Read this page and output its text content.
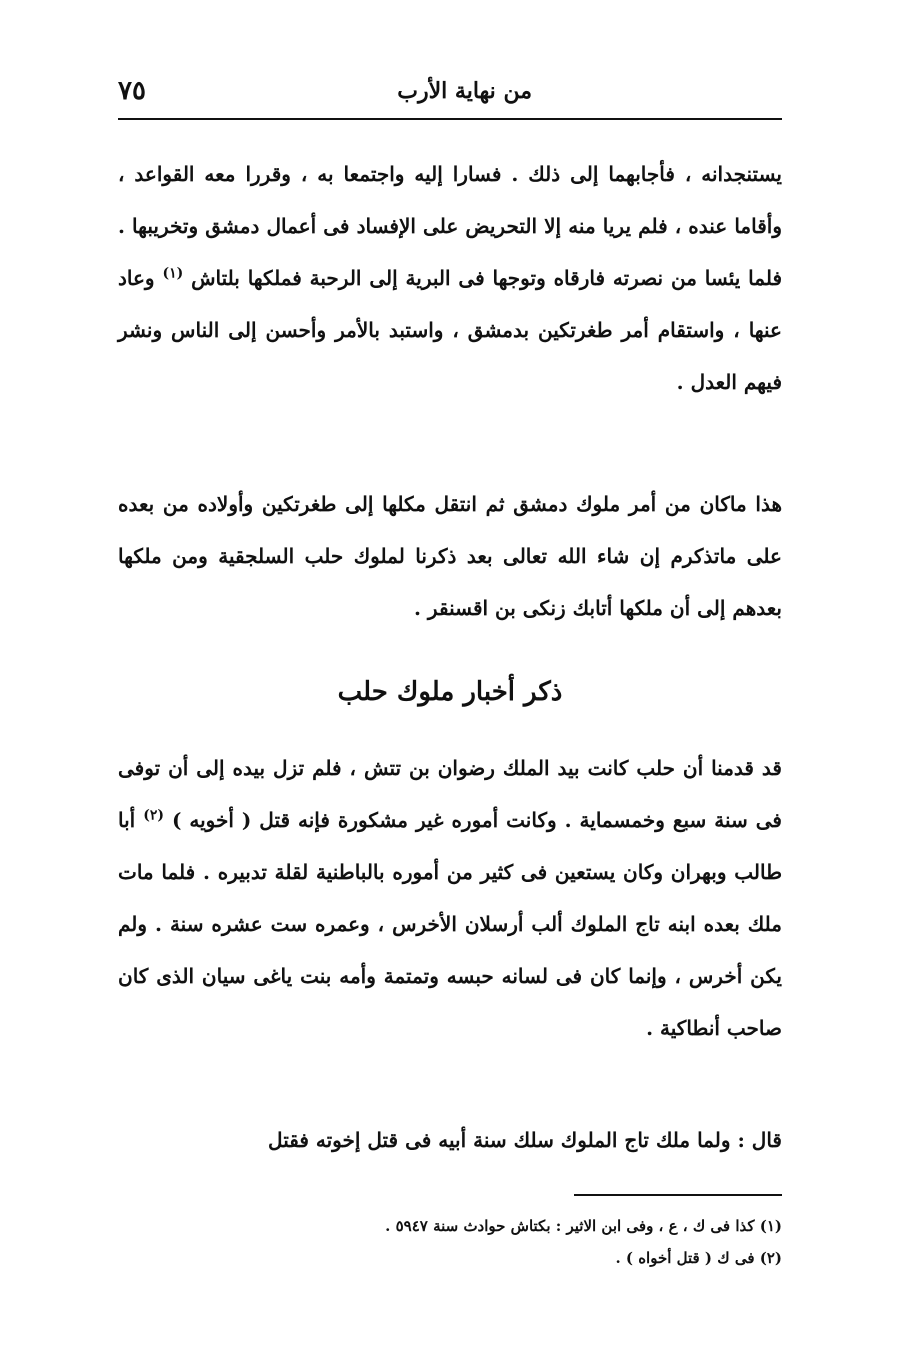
من نهاية الأرب
٧٥

يستنجدانه ، فأجابهما إلى ذلك . فسارا إليه واجتمعا به ، وقررا معه القواعد ، وأقاما عنده ، فلم يريا منه إلا التحريض على الإفساد فى أعمال دمشق وتخريبها . فلما يئسا من نصرته فارقاه وتوجها فى البرية إلى الرحبة فملكها بلتاش $^{(١)}$ وعاد عنها ، واستقام أمر طغرتكين بدمشق ، واستبد بالأمر وأحسن إلى الناس ونشر فيهم العدل .

هذا ماكان من أمر ملوك دمشق ثم انتقل مكلها إلى طغرتكين وأولاده من بعده على ماتذكرم إن شاء الله تعالى بعد ذكرنا لملوك حلب السلجقية ومن ملكها بعدهم إلى أن ملكها أتابك زنكى بن اقسنقر .

ذكر أخبار ملوك حلب

قد قدمنا أن حلب كانت بيد الملك رضوان بن تتش ، فلم تزل بيده إلى أن توفى فى سنة سبع وخمسماية . وكانت أموره غير مشكورة فإنه قتل ( أخويه ) $^{(٢)}$ أبا طالب وبهران وكان يستعين فى كثير من أموره بالباطنية لقلة تدبيره . فلما مات ملك بعده ابنه تاج الملوك ألب أرسلان الأخرس ، وعمره ست عشره سنة . ولم يكن أخرس ، وإنما كان فى لسانه حبسه وتمتمة وأمه بنت ياغى سيان الذى كان صاحب أنطاكية .

قال : ولما ملك تاج الملوك سلك سنة أبيه فى قتل إخوته فقتل

(١) كذا فى ك ، ع ، وفى ابن الاثير : بكتاش حوادث سنة ٥٩٤٧ .

(٢) فى ك ( قتل أخواه ) .
